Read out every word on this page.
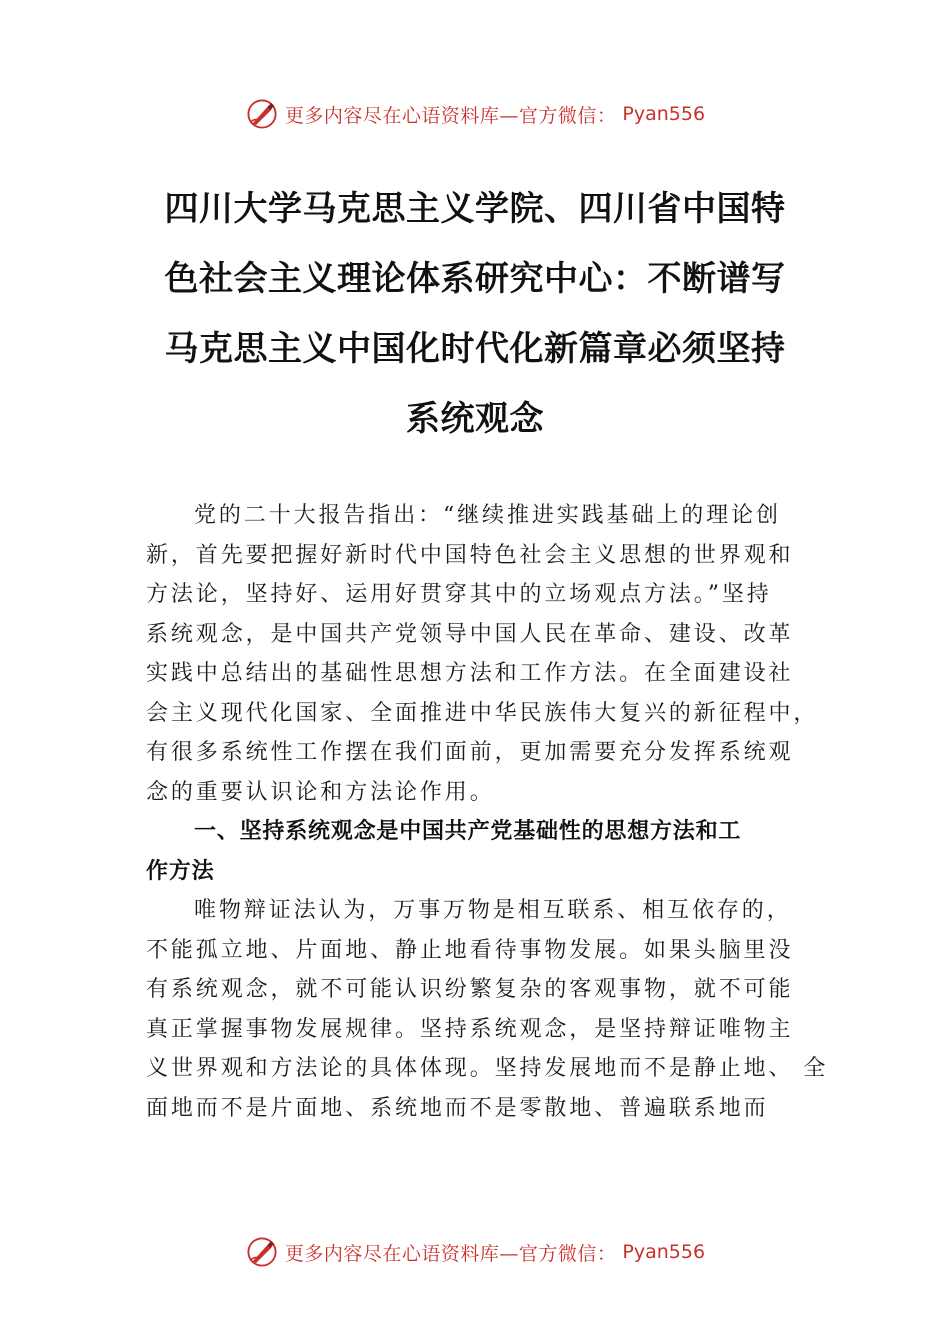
更多内容尽在心语资料库—官方微信： Pyan556
四川大学马克思主义学院、四川省中国特
色社会主义理论体系研究中心：不断谱写
马克思主义中国化时代化新篇章必须坚持
系统观念
党的二十大报告指出：“继续推进实践基础上的理论创
新，首先要把握好新时代中国特色社会主义思想的世界观和
方法论，坚持好、运用好贯穿其中的立场观点方法。”坚持
系统观念，是中国共产党领导中国人民在革命、建设、改革
实践中总结出的基础性思想方法和工作方法。在全面建设社
会主义现代化国家、全面推进中华民族伟大复兴的新征程中，
有很多系统性工作摆在我们面前，更加需要充分发挥系统观
念的重要认识论和方法论作用。
一、坚持系统观念是中国共产党基础性的思想方法和工
作方法
唯物辩证法认为，万事万物是相互联系、相互依存的，
不能孤立地、片面地、静止地看待事物发展。如果头脑里没
有系统观念，就不可能认识纷繁复杂的客观事物，就不可能
真正掌握事物发展规律。坚持系统观念，是坚持辩证唯物主
义世界观和方法论的具体体现。坚持发展地而不是静止地、 全
面地而不是片面地、系统地而不是零散地、普遍联系地而
更多内容尽在心语资料库—官方微信： Pyan556
